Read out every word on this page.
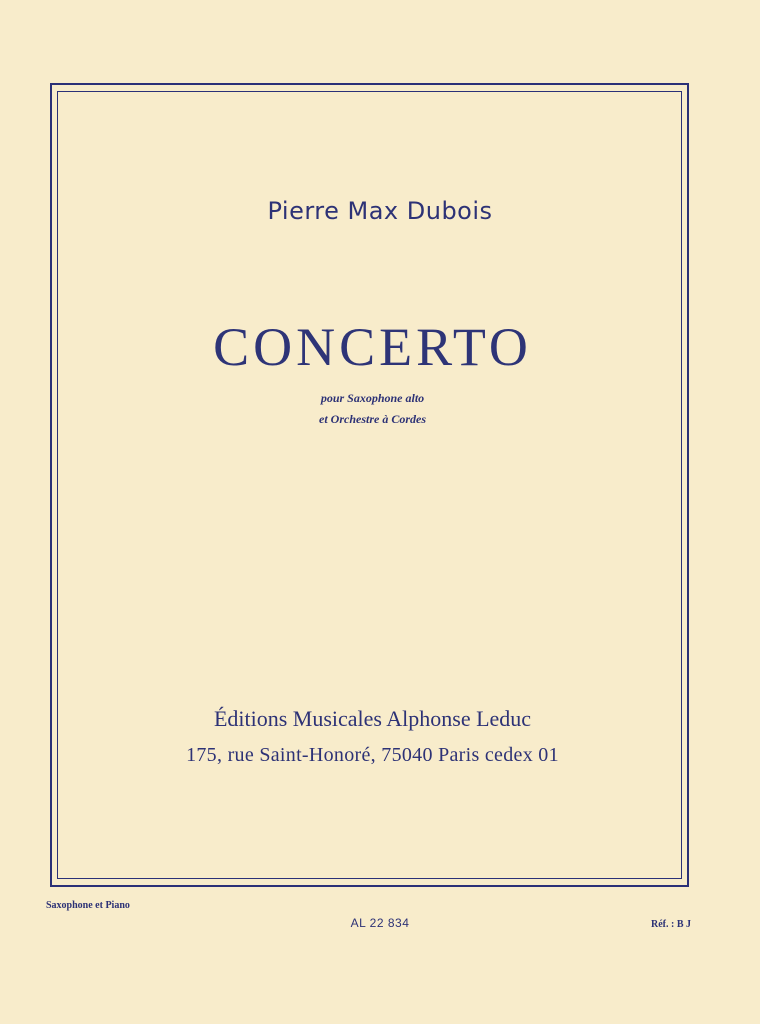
Pierre Max Dubois
CONCERTO
pour Saxophone alto
et Orchestre à Cordes
Éditions Musicales Alphonse Leduc
175, rue Saint-Honoré, 75040 Paris cedex 01
Saxophone et Piano
AL 22 834	Réf. : B J
